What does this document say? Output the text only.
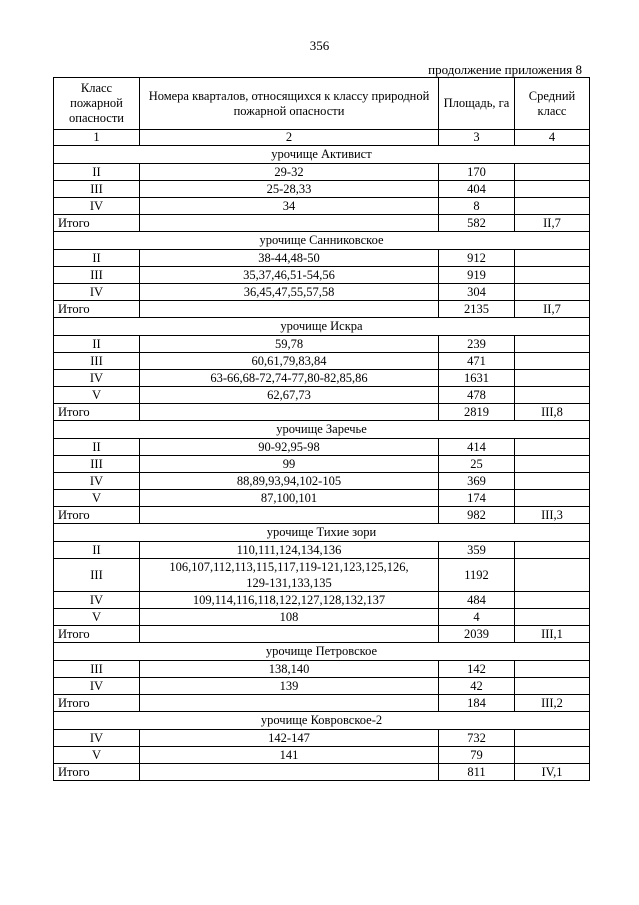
356
продолжение приложения 8
Класс пожарной опасности	Номера кварталов, относящихся к классу природной пожарной опасности	Площадь, га	Средний класс
1	2	3	4
урочище Активист			
II	29-32	170	
III	25-28,33	404	
IV	34	8	
Итого		582	II,7
урочище Санниковское			
II	38-44,48-50	912	
III	35,37,46,51-54,56	919	
IV	36,45,47,55,57,58	304	
Итого		2135	II,7
урочище Искра			
II	59,78	239	
III	60,61,79,83,84	471	
IV	63-66,68-72,74-77,80-82,85,86	1631	
V	62,67,73	478	
Итого		2819	III,8
урочище Заречье			
II	90-92,95-98	414	
III	99	25	
IV	88,89,93,94,102-105	369	
V	87,100,101	174	
Итого		982	III,3
урочище Тихие зори			
II	110,111,124,134,136	359	
III	106,107,112,113,115,117,119-121,123,125,126,
129-131,133,135	1192	
IV	109,114,116,118,122,127,128,132,137	484	
V	108	4	
Итого		2039	III,1
урочище Петровское			
III	138,140	142	
IV	139	42	
Итого		184	III,2
урочище Ковровское-2			
IV	142-147	732	
V	141	79	
Итого		811	IV,1
